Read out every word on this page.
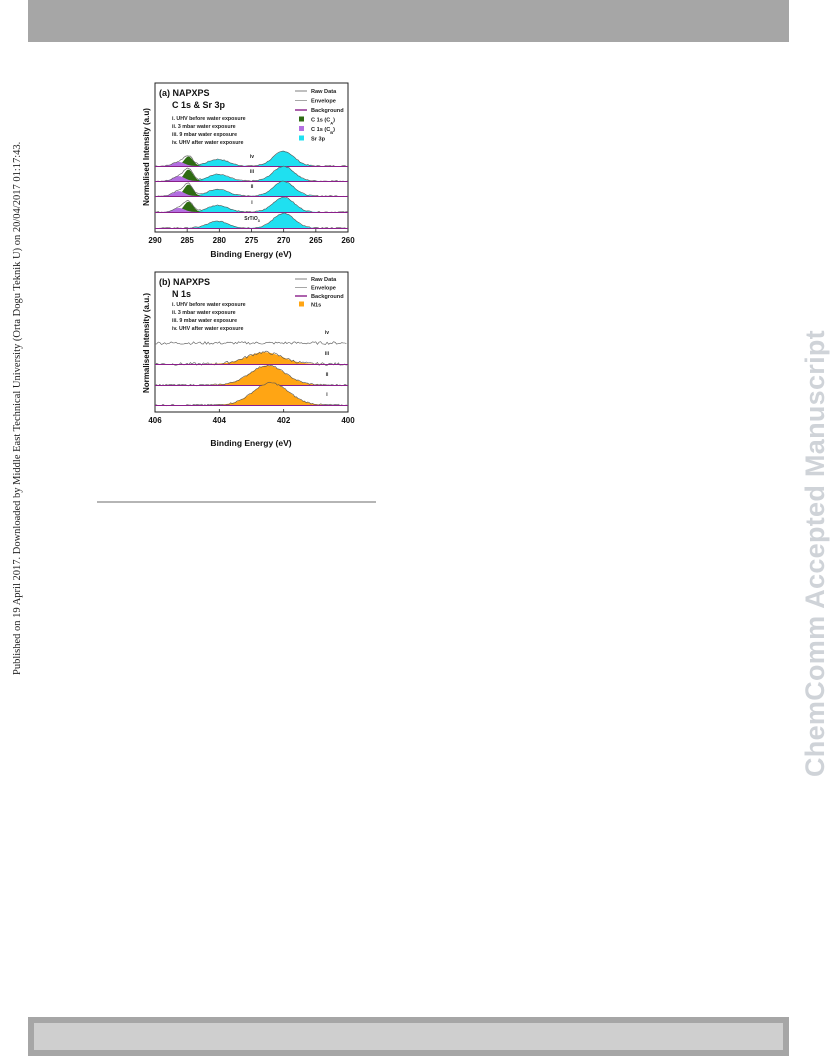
Published on 19 April 2017. Downloaded by Middle East Technical University (Orta Dogu Teknik U) on 20/04/2017 01:17:43.	ChemComm Accepted Manuscript
iv
iii
ii
i
SrTiO$_3$
(a) NAPXPS
C 1s & Sr 3p
i. UHV before water exposure
ii. 3 mbar water exposure
iii. 9 mbar water exposure
iv. UHV after water exposure
Raw Data
Envelope
Background
C 1s $(C_A)$
C 1s $(C_B)$
Sr 3p
290 285 280 275 270 265 260
Binding Energy (eV)
Normalised Intensity (a.u)
iv
iii
ii
i
(b) NAPXPS
N 1s
i. UHV before water exposure
ii. 3 mbar water exposure
iii. 9 mbar water exposure
iv. UHV after water exposure
Raw Data
Envelope
Background
N1s
406	404	402	400
Binding Energy (eV)
Normalised Intensity (a.u.)
